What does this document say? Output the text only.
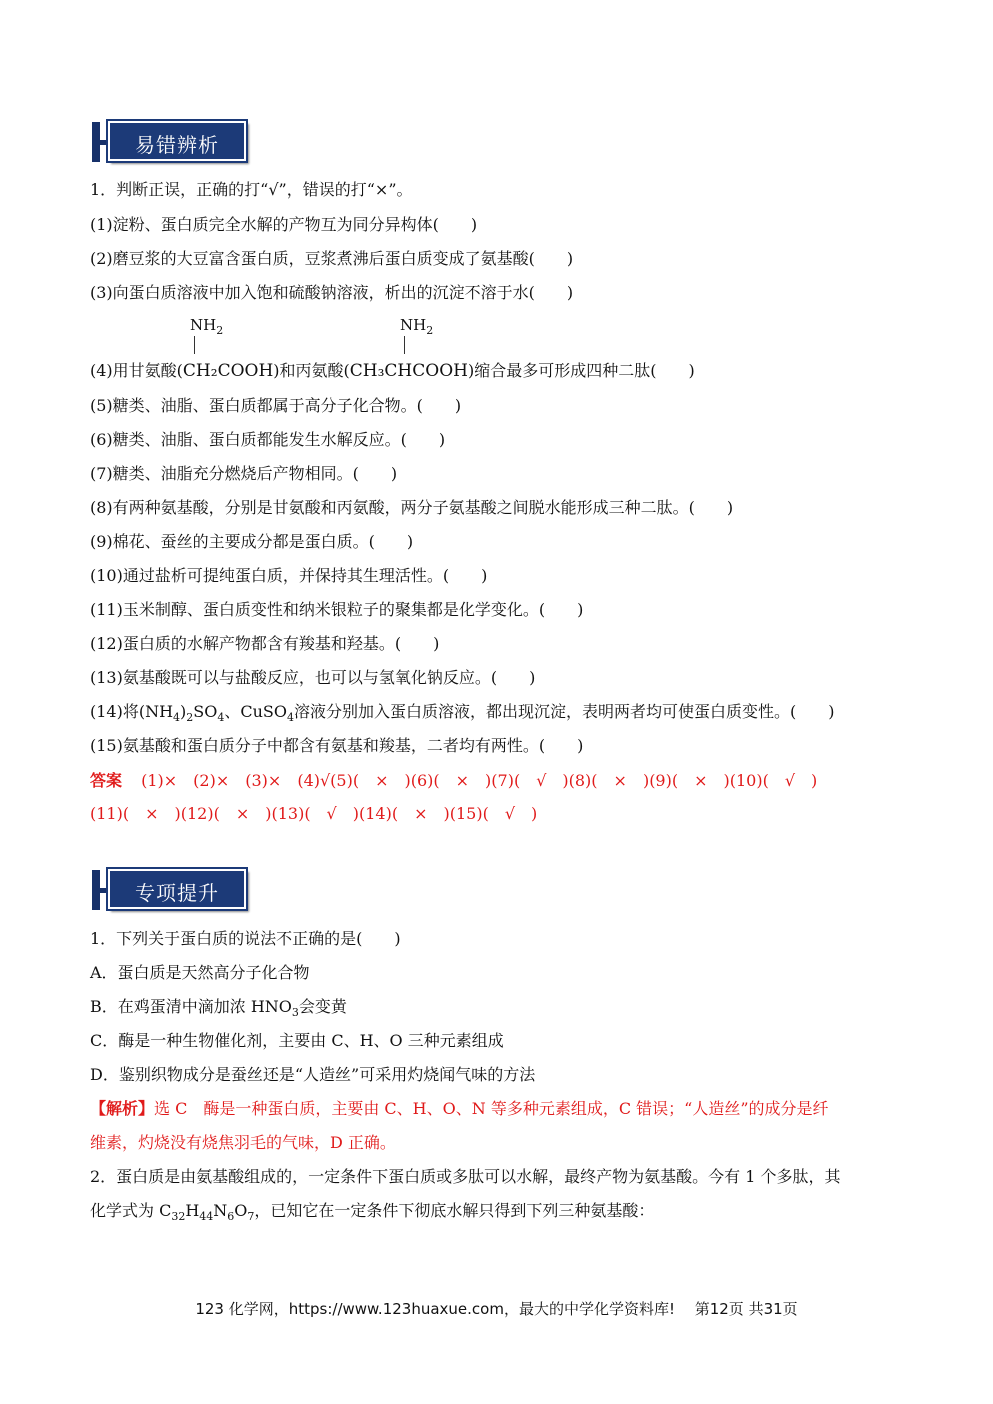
易错辨析
1．判断正误，正确的打“√”，错误的打“×”。
(1)淀粉、蛋白质完全水解的产物互为同分异构体(　　)
(2)磨豆浆的大豆富含蛋白质，豆浆煮沸后蛋白质变成了氨基酸(　　)
(3)向蛋白质溶液中加入饱和硫酸钠溶液，析出的沉淀不溶于水(　　)
$NH_2$	$NH_2$
(4)用甘氨酸(CH₂COOH)和丙氨酸(CH₃CHCOOH)缩合最多可形成四种二肽(　　)
(5)糖类、油脂、蛋白质都属于高分子化合物。(　　)
(6)糖类、油脂、蛋白质都能发生水解反应。(　　)
(7)糖类、油脂充分燃烧后产物相同。(　　)
(8)有两种氨基酸，分别是甘氨酸和丙氨酸，两分子氨基酸之间脱水能形成三种二肽。(　　)
(9)棉花、蚕丝的主要成分都是蛋白质。(　　)
(10)通过盐析可提纯蛋白质，并保持其生理活性。(　　)
(11)玉米制醇、蛋白质变性和纳米银粒子的聚集都是化学变化。(　　)
(12)蛋白质的水解产物都含有羧基和羟基。(　　)
(13)氨基酸既可以与盐酸反应，也可以与氢氧化钠反应。(　　)
(14)将$(NH_4)_2SO_4$、CuSO$_4$溶液分别加入蛋白质溶液，都出现沉淀，表明两者均可使蛋白质变性。(　　)
(15)氨基酸和蛋白质分子中都含有氨基和羧基，二者均有两性。(　　)
答案 (1)×　(2)×　(3)×　(4)√(5)(　×　)(6)(　×　)(7)(　√　)(8)(　×　)(9)(　×　)(10)(　√　)
(11)(　×　)(12)(　×　)(13)(　√　)(14)(　×　)(15)(　√　)
专项提升
1．下列关于蛋白质的说法不正确的是(　　)
A．蛋白质是天然高分子化合物
B．在鸡蛋清中滴加浓 $HNO_3$会变黄
C．酶是一种生物催化剂，主要由 C、H、O 三种元素组成
D．鉴别织物成分是蚕丝还是“人造丝”可采用灼烧闻气味的方法
【解析】选 C　酶是一种蛋白质，主要由 C、H、O、N 等多种元素组成，C 错误；“人造丝”的成分是纤
维素，灼烧没有烧焦羽毛的气味，D 正确。
2．蛋白质是由氨基酸组成的，一定条件下蛋白质或多肽可以水解，最终产物为氨基酸。今有 1 个多肽，其
化学式为 $C_{32}H_{44}N_6O_7$，已知它在一定条件下彻底水解只得到下列三种氨基酸：
123 化学网，https://www.123huaxue.com，最大的中学化学资料库!　 第12页 共31页
